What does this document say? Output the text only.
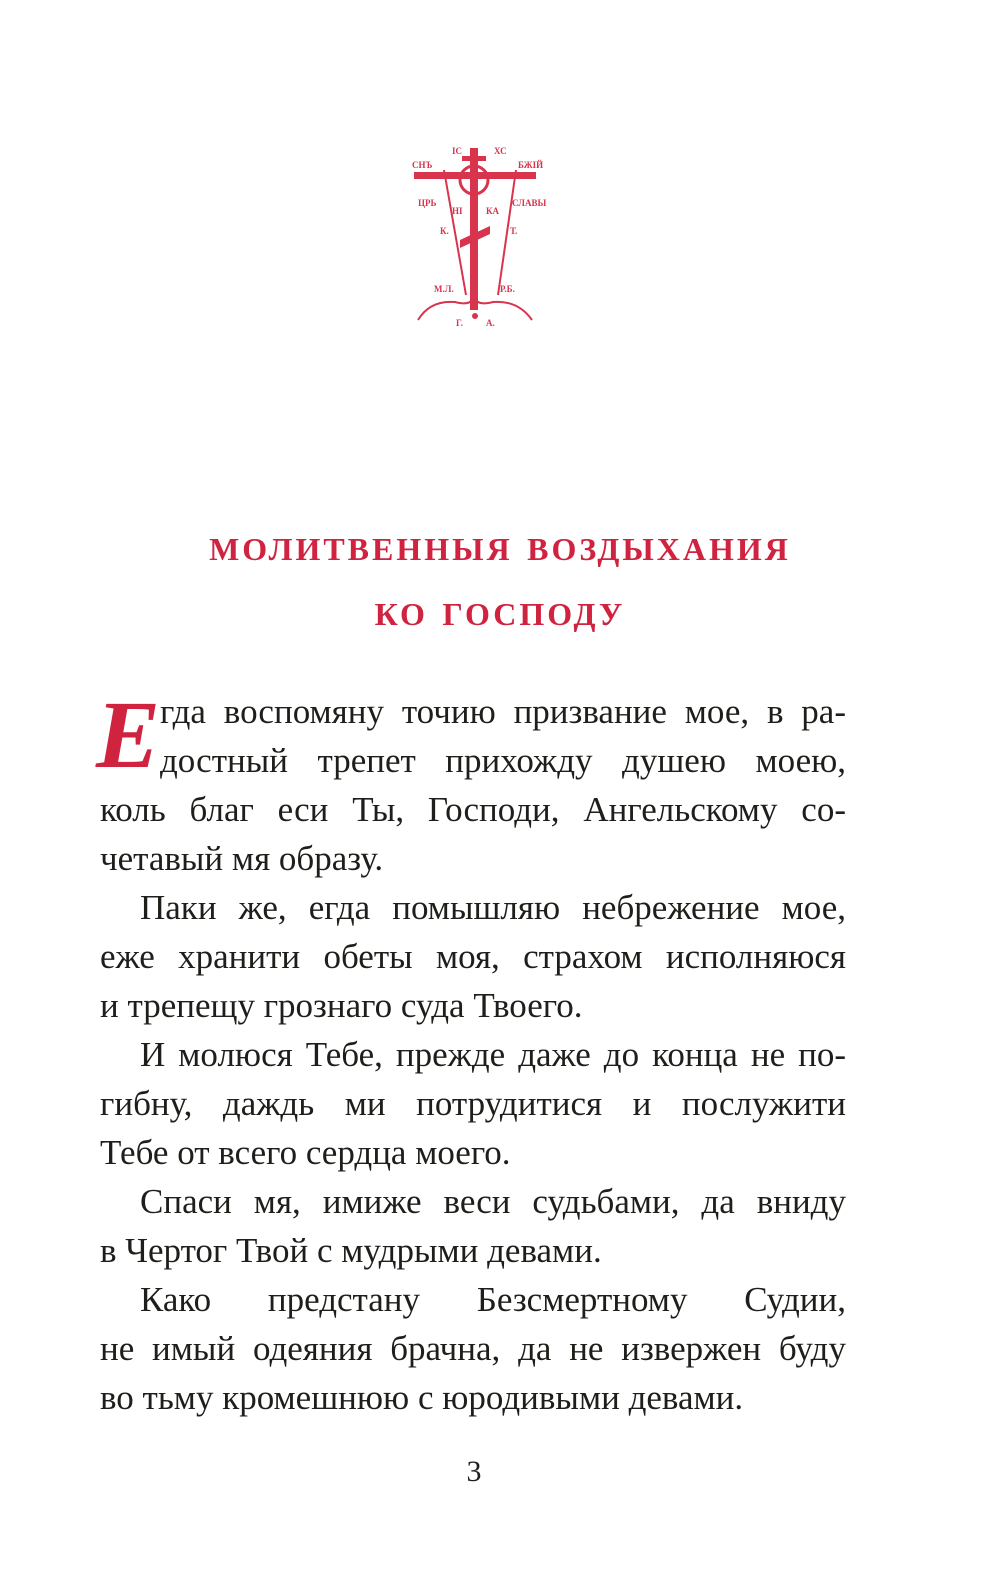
ІС	ХС
СНЪ	БЖІЙ
ЦРЬ	СЛАВЫ
НІ	КА
К.	Т.
М.Л.	Р.Б.
Г.	А.
молитвенныя воздыхания
ко господу
Е гда воспомяну точию призвание мое, в ра-
достный трепет прихожду душею моею,
коль благ еси Ты, Господи, Ангельскому со-
четавый мя образу.
Паки же, егда помышляю небрежение мое,
еже хранити обеты моя, страхом исполняюся
и трепещу грознаго суда Твоего.
И молюся Тебе, прежде даже до конца не по-
гибну, даждь ми потрудитися и послужити
Тебе от всего сердца моего.
Спаси мя, имиже веси судьбами, да вниду
в Чертог Твой с мудрыми девами.
Како предстану Безсмертному Судии,
не имый одеяния брачна, да не извержен буду
во тьму кромешнюю с юродивыми девами.
3
